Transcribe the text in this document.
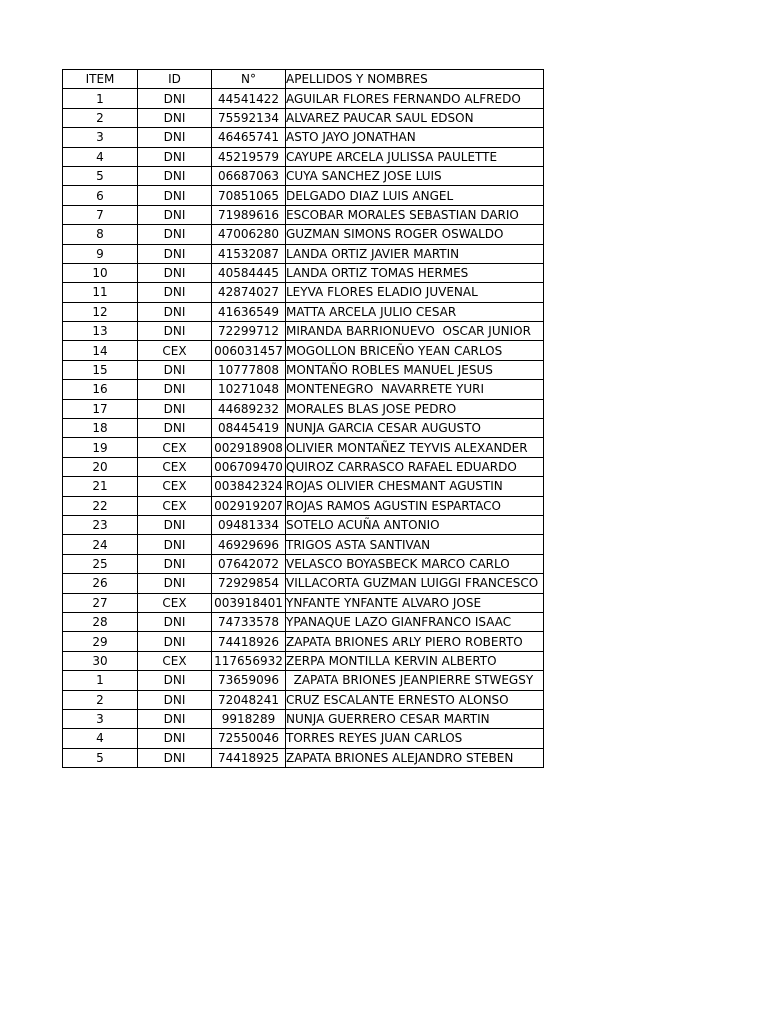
ITEM	ID	N°	APELLIDOS Y NOMBRES
1	DNI	44541422	AGUILAR FLORES FERNANDO ALFREDO
2	DNI	75592134	ALVAREZ PAUCAR SAUL EDSON
3	DNI	46465741	ASTO JAYO JONATHAN
4	DNI	45219579	CAYUPE ARCELA JULISSA PAULETTE
5	DNI	06687063	CUYA SANCHEZ JOSE LUIS
6	DNI	70851065	DELGADO DIAZ LUIS ANGEL
7	DNI	71989616	ESCOBAR MORALES SEBASTIAN DARIO
8	DNI	47006280	GUZMAN SIMONS ROGER OSWALDO
9	DNI	41532087	LANDA ORTIZ JAVIER MARTIN
10	DNI	40584445	LANDA ORTIZ TOMAS HERMES
11	DNI	42874027	LEYVA FLORES ELADIO JUVENAL
12	DNI	41636549	MATTA ARCELA JULIO CESAR
13	DNI	72299712	MIRANDA BARRIONUEVO  OSCAR JUNIOR
14	CEX	006031457	MOGOLLON BRICEÑO YEAN CARLOS
15	DNI	10777808	MONTAÑO ROBLES MANUEL JESUS
16	DNI	10271048	MONTENEGRO  NAVARRETE YURI
17	DNI	44689232	MORALES BLAS JOSE PEDRO
18	DNI	08445419	NUNJA GARCIA CESAR AUGUSTO
19	CEX	002918908	OLIVIER MONTAÑEZ TEYVIS ALEXANDER
20	CEX	006709470	QUIROZ CARRASCO RAFAEL EDUARDO
21	CEX	003842324	ROJAS OLIVIER CHESMANT AGUSTIN
22	CEX	002919207	ROJAS RAMOS AGUSTIN ESPARTACO
23	DNI	09481334	SOTELO ACUÑA ANTONIO
24	DNI	46929696	TRIGOS ASTA SANTIVAN
25	DNI	07642072	VELASCO BOYASBECK MARCO CARLO
26	DNI	72929854	VILLACORTA GUZMAN LUIGGI FRANCESCO
27	CEX	003918401	YNFANTE YNFANTE ALVARO JOSE
28	DNI	74733578	YPANAQUE LAZO GIANFRANCO ISAAC
29	DNI	74418926	ZAPATA BRIONES ARLY PIERO ROBERTO
30	CEX	117656932	ZERPA MONTILLA KERVIN ALBERTO
1	DNI	73659096	ZAPATA BRIONES JEANPIERRE STWEGSY
2	DNI	72048241	CRUZ ESCALANTE ERNESTO ALONSO
3	DNI	9918289	NUNJA GUERRERO CESAR MARTIN
4	DNI	72550046	TORRES REYES JUAN CARLOS
5	DNI	74418925	ZAPATA BRIONES ALEJANDRO STEBEN
